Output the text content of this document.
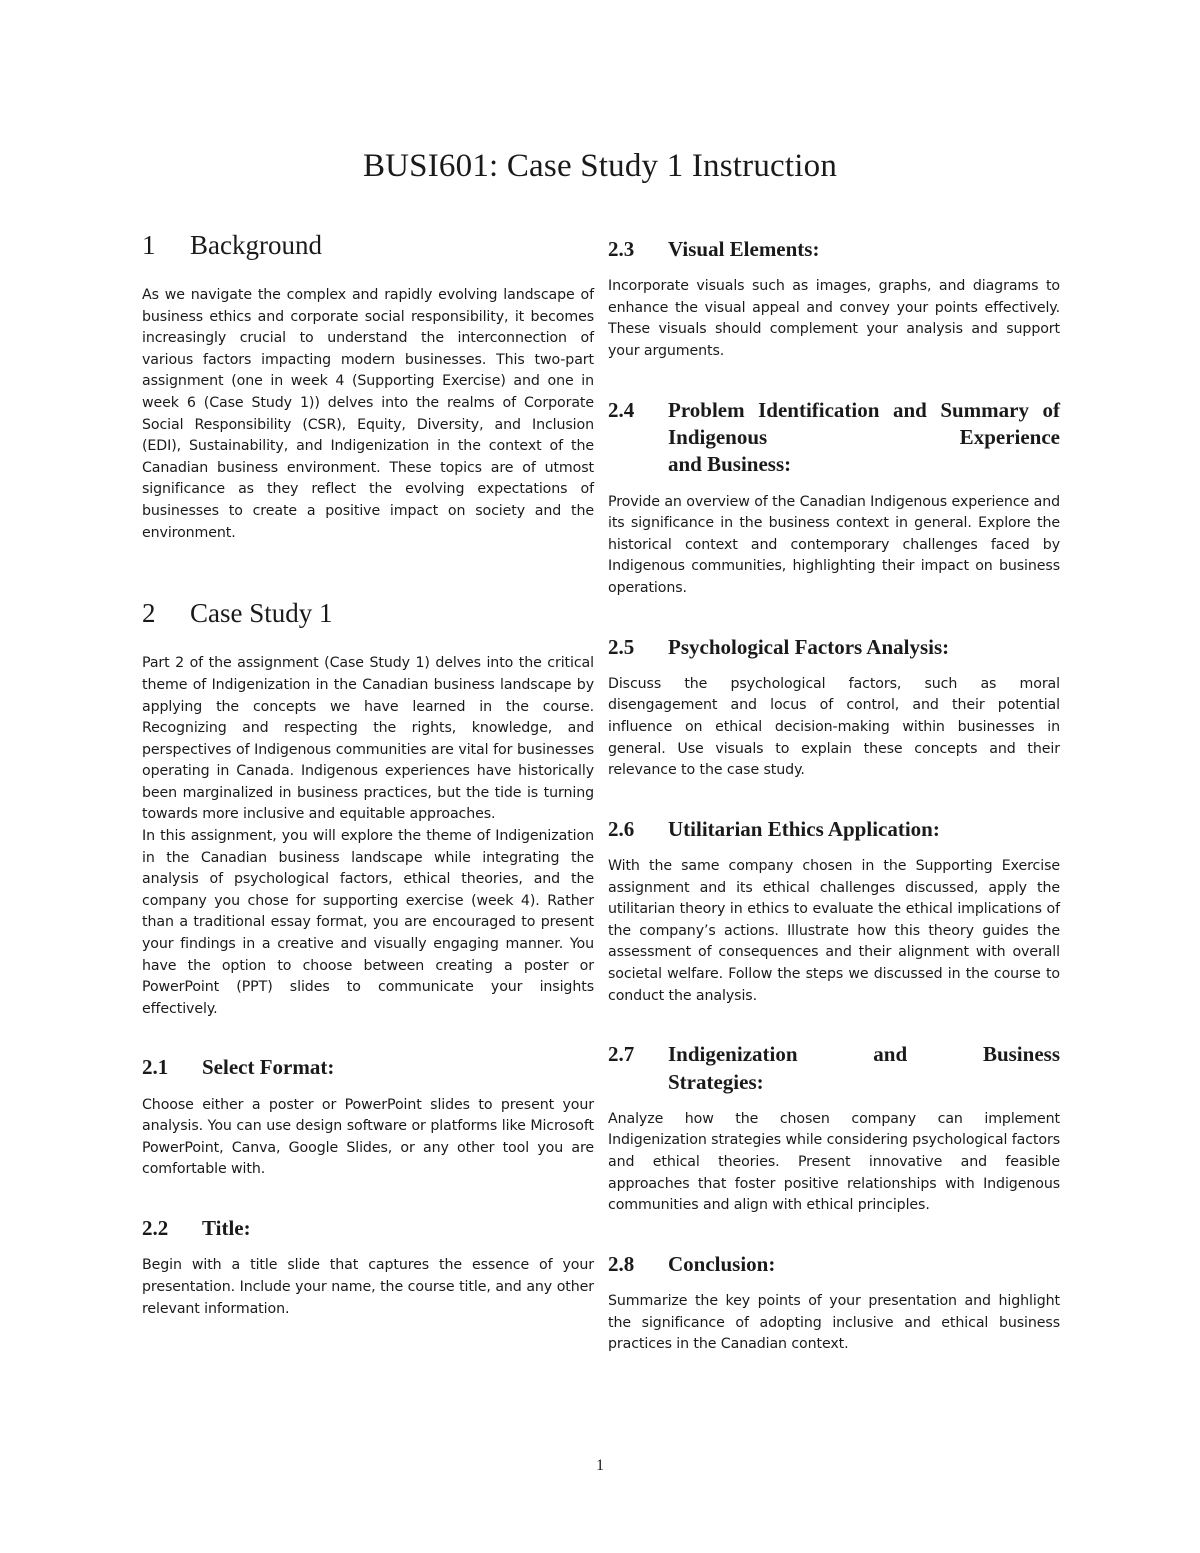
BUSI601: Case Study 1 Instruction
1	Background

As we navigate the complex and rapidly evolving landscape of business ethics and corporate social responsibility, it becomes increasingly crucial to understand the interconnection of various factors impacting modern businesses. This two-part assignment (one in week 4 (Supporting Exercise) and one in week 6 (Case Study 1)) delves into the realms of Corporate Social Responsibility (CSR), Equity, Diversity, and Inclusion (EDI), Sustainability, and Indigenization in the context of the Canadian business environment. These topics are of utmost significance as they reflect the evolving expectations of businesses to create a positive impact on society and the environment.

2	Case Study 1

Part 2 of the assignment (Case Study 1) delves into the critical theme of Indigenization in the Canadian business landscape by applying the concepts we have learned in the course. Recognizing and respecting the rights, knowledge, and perspectives of Indigenous communities are vital for businesses operating in Canada. Indigenous experiences have historically been marginalized in business practices, but the tide is turning towards more inclusive and equitable approaches.

In this assignment, you will explore the theme of Indigenization in the Canadian business landscape while integrating the analysis of psychological factors, ethical theories, and the company you chose for supporting exercise (week 4). Rather than a traditional essay format, you are encouraged to present your findings in a creative and visually engaging manner. You have the option to choose between creating a poster or PowerPoint (PPT) slides to communicate your insights effectively.

2.1	Select Format:

Choose either a poster or PowerPoint slides to present your analysis. You can use design software or platforms like Microsoft PowerPoint, Canva, Google Slides, or any other tool you are comfortable with.

2.2	Title:

Begin with a title slide that captures the essence of your presentation. Include your name, the course title, and any other relevant information.

2.3	Visual Elements:

Incorporate visuals such as images, graphs, and diagrams to enhance the visual appeal and convey your points effectively. These visuals should complement your analysis and support your arguments.

2.4	Problem Identification and Summary of Indigenous Experience
and Business:

Provide an overview of the Canadian Indigenous experience and its significance in the business context in general. Explore the historical context and contemporary challenges faced by Indigenous communities, highlighting their impact on business operations.

2.5	Psychological Factors Analysis:

Discuss the psychological factors, such as moral disengagement and locus of control, and their potential influence on ethical decision-making within businesses in general. Use visuals to explain these concepts and their relevance to the case study.

2.6	Utilitarian Ethics Application:

With the same company chosen in the Supporting Exercise assignment and its ethical challenges discussed, apply the utilitarian theory in ethics to evaluate the ethical implications of the company’s actions. Illustrate how this theory guides the assessment of consequences and their alignment with overall societal welfare. Follow the steps we discussed in the course to conduct the analysis.

2.7	Indigenization and Business
Strategies:

Analyze how the chosen company can implement Indigenization strategies while considering psychological factors and ethical theories. Present innovative and feasible approaches that foster positive relationships with Indigenous communities and align with ethical principles.

2.8	Conclusion:

Summarize the key points of your presentation and highlight the significance of adopting inclusive and ethical business practices in the Canadian context.

1
